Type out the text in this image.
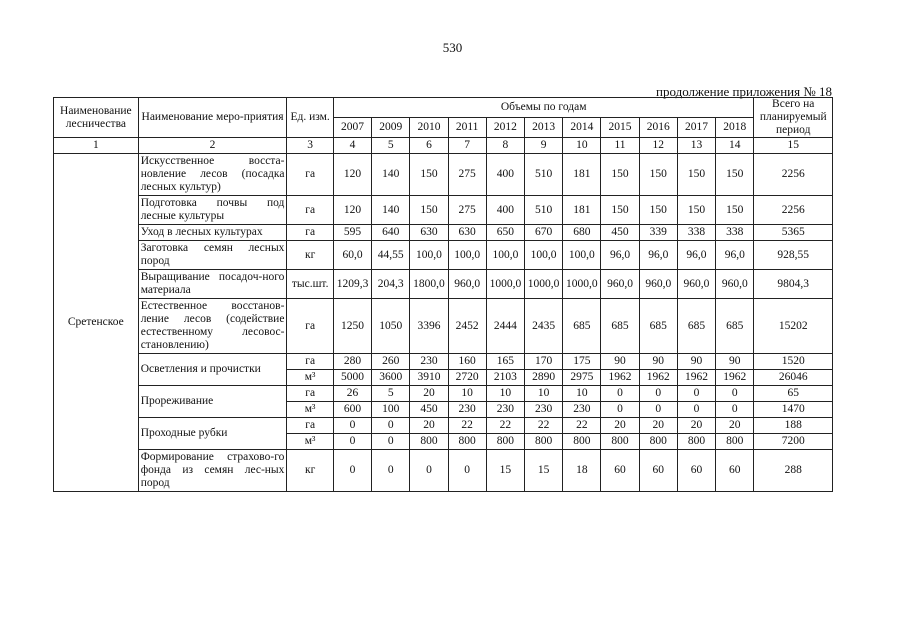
530
продолжение приложения № 18
Наименование лесничества	Наименование меро-приятия	Ед. изм.	Объемы по годам											Всего на планируемый период
			2007	2009	2010	2011	2012	2013	2014	2015	2016	2017	2018	
1	2	3	4	5	6	7	8	9	10	11	12	13	14	15
Сретенское	Искусственное восста-новление лесов (посадка лесных культур)	га	120	140	150	275	400	510	181	150	150	150	150	2256
	Подготовка почвы под лесные культуры	га	120	140	150	275	400	510	181	150	150	150	150	2256
	Уход в лесных культурах	га	595	640	630	630	650	670	680	450	339	338	338	5365
	Заготовка семян лесных пород	кг	60,0	44,55	100,0	100,0	100,0	100,0	100,0	96,0	96,0	96,0	96,0	928,55
	Выращивание посадоч-ного материала	тыс.шт.	1209,3	204,3	1800,0	960,0	1000,0	1000,0	1000,0	960,0	960,0	960,0	960,0	9804,3
	Естественное восстанов-ление лесов (содействие естественному лесовос-становлению)	га	1250	1050	3396	2452	2444	2435	685	685	685	685	685	15202
	Осветления и прочистки	га	280	260	230	160	165	170	175	90	90	90	90	1520
		м³	5000	3600	3910	2720	2103	2890	2975	1962	1962	1962	1962	26046
	Прореживание	га	26	5	20	10	10	10	10	0	0	0	0	65
		м³	600	100	450	230	230	230	230	0	0	0	0	1470
	Проходные рубки	га	0	0	20	22	22	22	22	20	20	20	20	188
		м³	0	0	800	800	800	800	800	800	800	800	800	7200
	Формирование страхово-го фонда из семян лес-ных пород	кг	0	0	0	0	15	15	18	60	60	60	60	288
